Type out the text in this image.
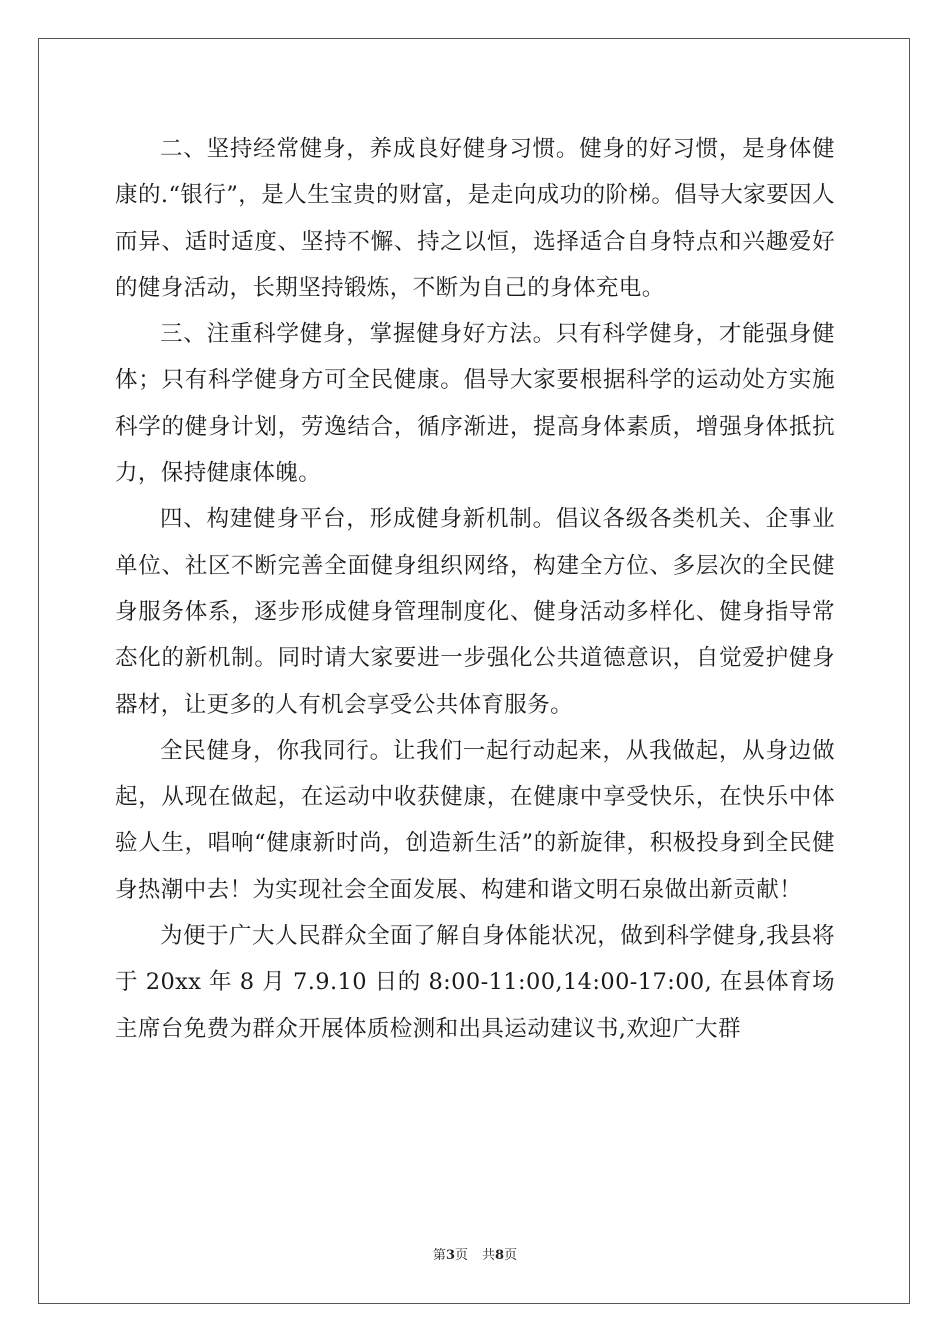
二、坚持经常健身，养成良好健身习惯。健身的好习惯，是身体健康的.“银行”，是人生宝贵的财富，是走向成功的阶梯。倡导大家要因人而异、适时适度、坚持不懈、持之以恒，选择适合自身特点和兴趣爱好的健身活动，长期坚持锻炼，不断为自己的身体充电。

三、注重科学健身，掌握健身好方法。只有科学健身，才能强身健体；只有科学健身方可全民健康。倡导大家要根据科学的运动处方实施科学的健身计划，劳逸结合，循序渐进，提高身体素质，增强身体抵抗力，保持健康体魄。

四、构建健身平台，形成健身新机制。倡议各级各类机关、企事业单位、社区不断完善全面健身组织网络，构建全方位、多层次的全民健身服务体系，逐步形成健身管理制度化、健身活动多样化、健身指导常态化的新机制。同时请大家要进一步强化公共道德意识，自觉爱护健身器材，让更多的人有机会享受公共体育服务。

全民健身，你我同行。让我们一起行动起来，从我做起，从身边做起，从现在做起，在运动中收获健康，在健康中享受快乐，在快乐中体验人生，唱响“健康新时尚，创造新生活”的新旋律，积极投身到全民健身热潮中去！为实现社会全面发展、构建和谐文明石泉做出新贡献！

为便于广大人民群众全面了解自身体能状况，做到科学健身,我县将于 20xx 年 8 月 7.9.10 日的 8:00-11:00,14:00-17:00, 在县体育场主席台免费为群众开展体质检测和出具运动建议书,欢迎广大群

第3页 共8页
